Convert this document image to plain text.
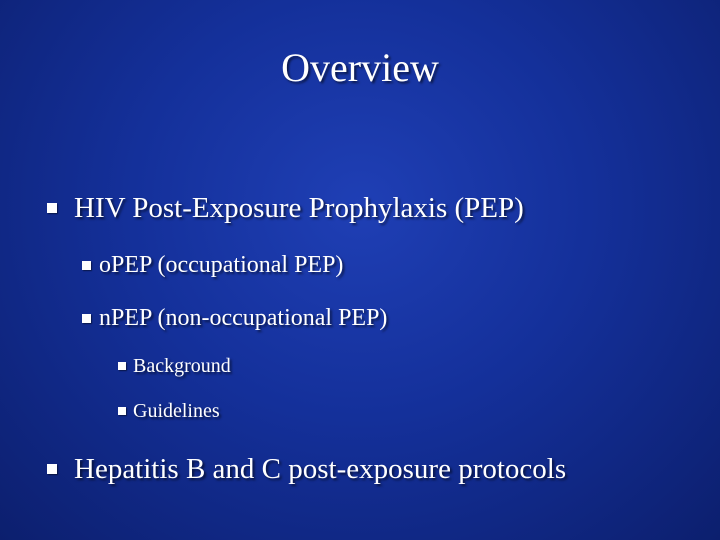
Overview
HIV Post-Exposure Prophylaxis (PEP)
oPEP (occupational PEP)
nPEP (non-occupational PEP)
Background
Guidelines
Hepatitis B and C post-exposure protocols
